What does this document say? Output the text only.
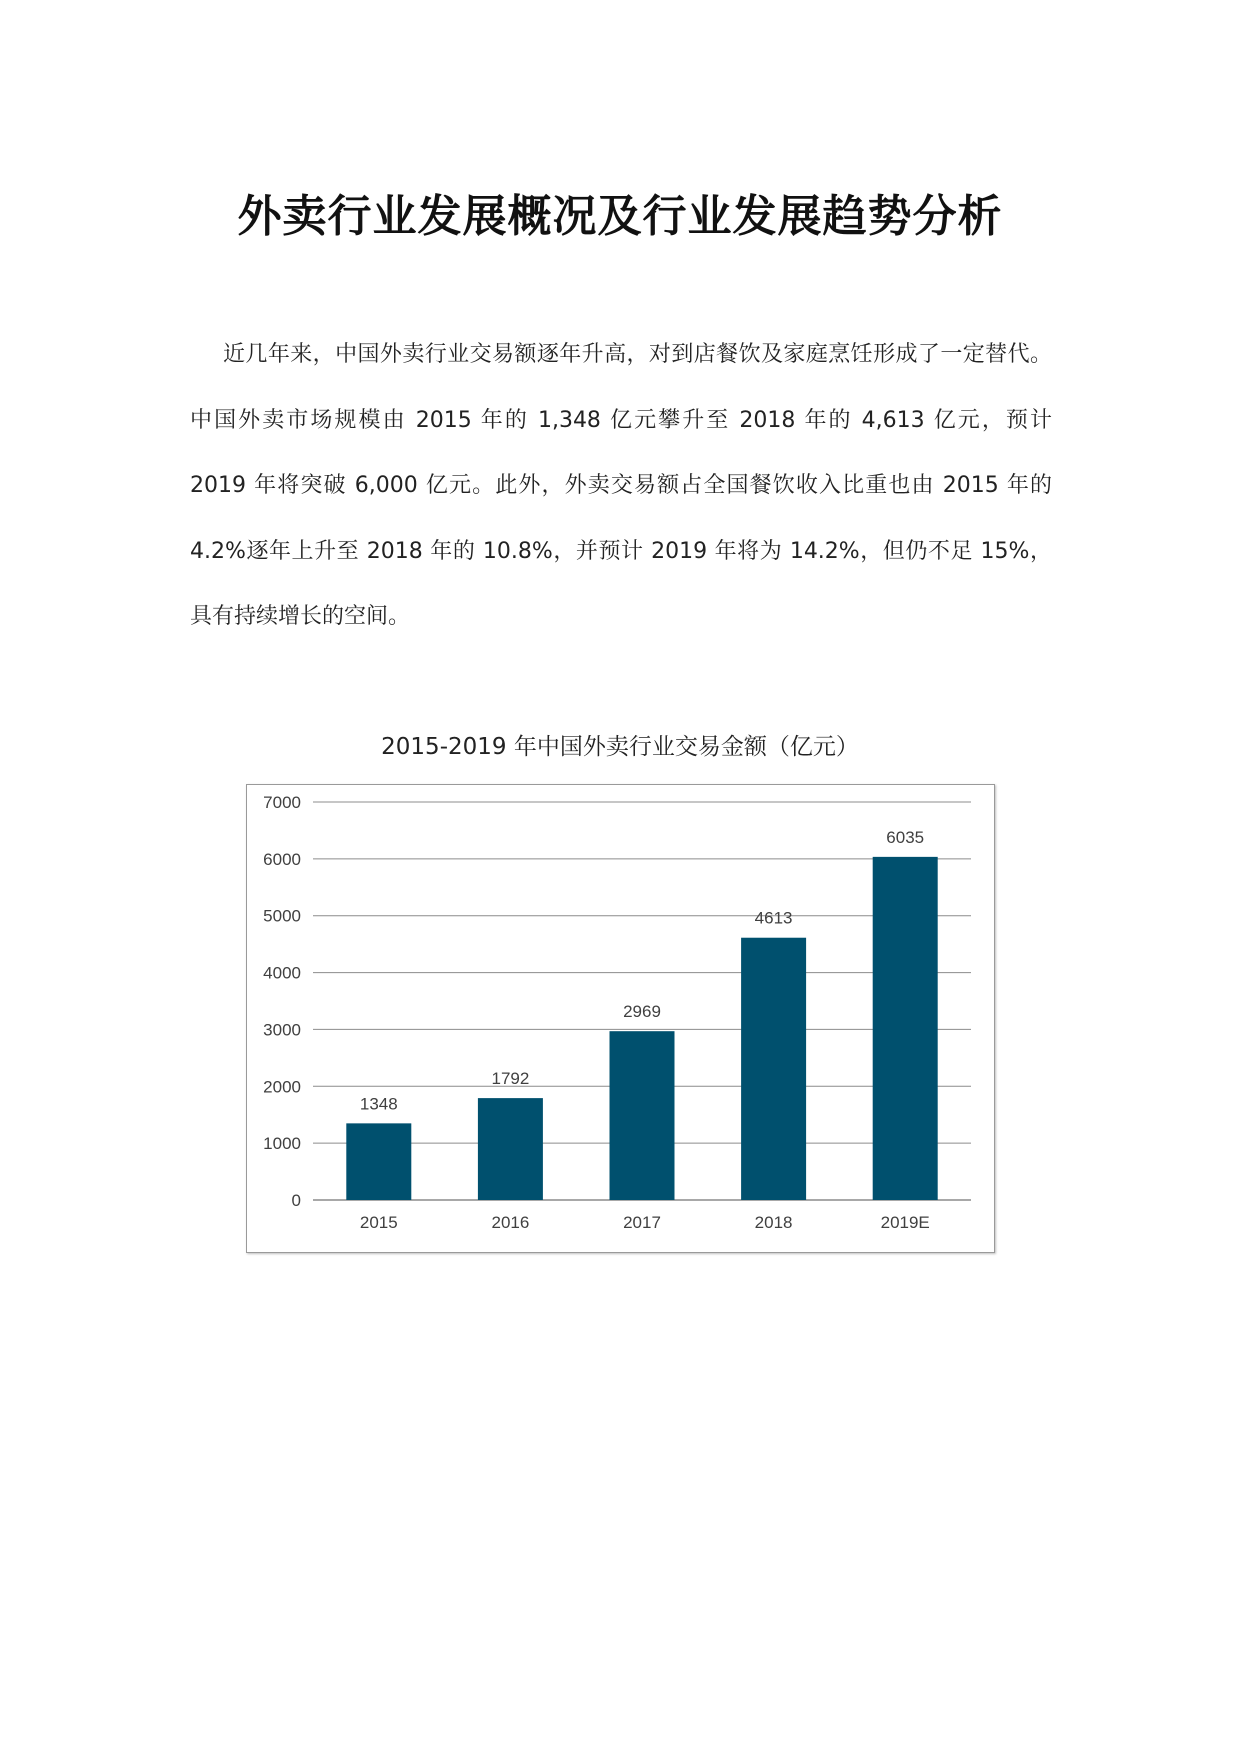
外卖行业发展概况及行业发展趋势分析

近几年来，中国外卖行业交易额逐年升高，对到店餐饮及家庭烹饪形成了一定替代。中国外卖市场规模由 2015 年的 1,348 亿元攀升至 2018 年的 4,613 亿元，预计 2019 年将突破 6,000 亿元。此外，外卖交易额占全国餐饮收入比重也由 2015 年的 4.2%逐年上升至 2018 年的 10.8%，并预计 2019 年将为 14.2%，但仍不足 15%，具有持续增长的空间。

2015-2019 年中国外卖行业交易金额（亿元）
0
1000
2000
3000
4000
5000
6000
7000
1348
2015
1792
2016
2969
2017
4613
2018
6035
2019E
